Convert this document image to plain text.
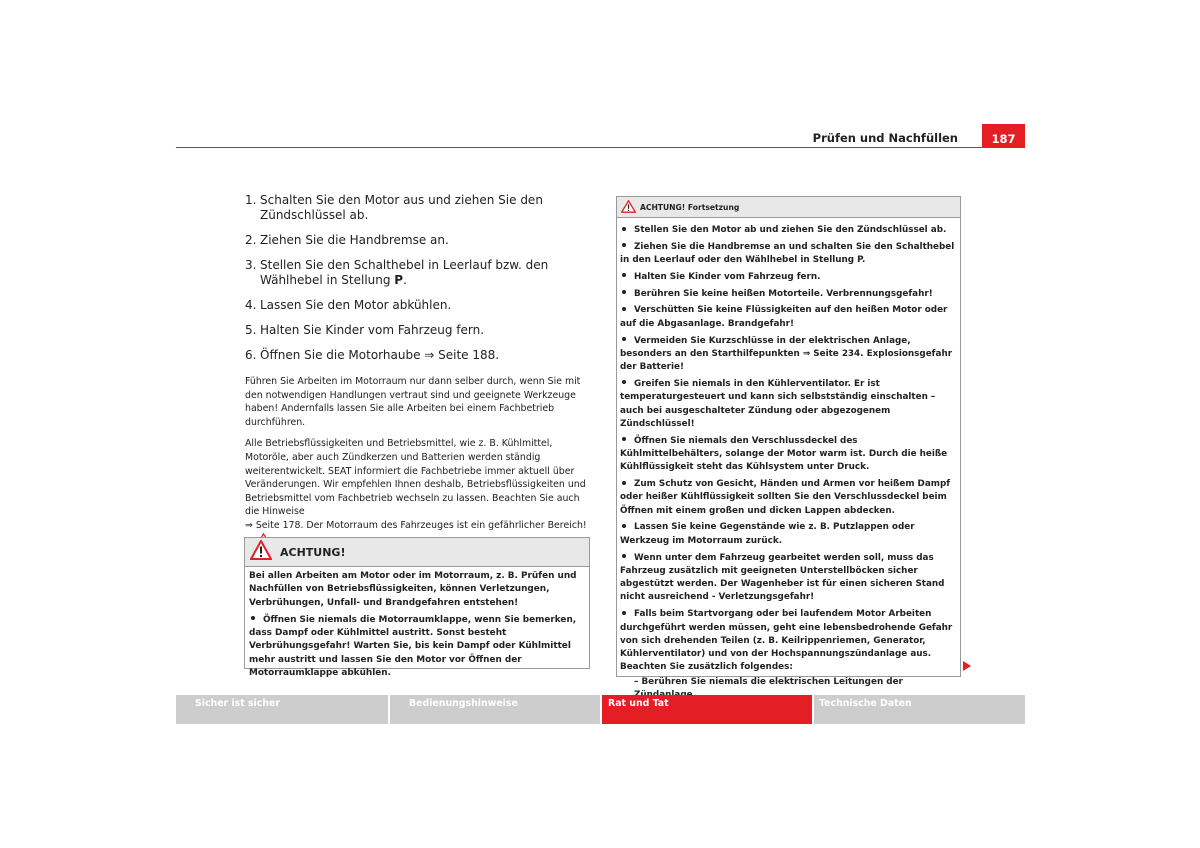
Prüfen und Nachfüllen	187
1. Schalten Sie den Motor aus und ziehen Sie den Zündschlüssel ab.
2. Ziehen Sie die Handbremse an.
3. Stellen Sie den Schalthebel in Leerlauf bzw. den Wählhebel in Stellung P.
4. Lassen Sie den Motor abkühlen.
5. Halten Sie Kinder vom Fahrzeug fern.
6. Öffnen Sie die Motorhaube ⇒ Seite 188.

Führen Sie Arbeiten im Motorraum nur dann selber durch, wenn Sie mit den notwendigen Handlungen vertraut sind und geeignete Werkzeuge haben! Andernfalls lassen Sie alle Arbeiten bei einem Fachbetrieb durchführen.

Alle Betriebsflüssigkeiten und Betriebsmittel, wie z. B. Kühlmittel, Motoröle, aber auch Zündkerzen und Batterien werden ständig weiterentwickelt. SEAT informiert die Fachbetriebe immer aktuell über Veränderungen. Wir empfehlen Ihnen deshalb, Betriebsflüssigkeiten und Betriebsmittel vom Fachbetrieb wechseln zu lassen. Beachten Sie auch die Hinweise
⇒ Seite 178. Der Motorraum des Fahrzeuges ist ein gefährlicher Bereich!

ACHTUNG!

Bei allen Arbeiten am Motor oder im Motorraum, z. B. Prüfen und Nachfüllen von Betriebsflüssigkeiten, können Verletzungen, Verbrühungen, Unfall- und Brandgefahren entstehen!

Öffnen Sie niemals die Motorraumklappe, wenn Sie bemerken, dass Dampf oder Kühlmittel austritt. Sonst besteht Verbrühungsgefahr! Warten Sie, bis kein Dampf oder Kühlmittel mehr austritt und lassen Sie den Motor vor Öffnen der Motorraumklappe abkühlen.

ACHTUNG! Fortsetzung
Stellen Sie den Motor ab und ziehen Sie den Zündschlüssel ab.
Ziehen Sie die Handbremse an und schalten Sie den Schalthebel in den Leerlauf oder den Wählhebel in Stellung P.
Halten Sie Kinder vom Fahrzeug fern.
Berühren Sie keine heißen Motorteile. Verbrennungsgefahr!
Verschütten Sie keine Flüssigkeiten auf den heißen Motor oder auf die Abgasanlage. Brandgefahr!
Vermeiden Sie Kurzschlüsse in der elektrischen Anlage, besonders an den Starthilfepunkten ⇒ Seite 234. Explosionsgefahr der Batterie!
Greifen Sie niemals in den Kühlerventilator. Er ist temperaturgesteuert und kann sich selbstständig einschalten – auch bei ausgeschalteter Zündung oder abgezogenem Zündschlüssel!
Öffnen Sie niemals den Verschlussdeckel des Kühlmittelbehälters, solange der Motor warm ist. Durch die heiße Kühlflüssigkeit steht das Kühlsystem unter Druck.
Zum Schutz von Gesicht, Händen und Armen vor heißem Dampf oder heißer Kühlflüssigkeit sollten Sie den Verschlussdeckel beim Öffnen mit einem großen und dicken Lappen abdecken.
Lassen Sie keine Gegenstände wie z. B. Putzlappen oder Werkzeug im Motorraum zurück.
Wenn unter dem Fahrzeug gearbeitet werden soll, muss das Fahrzeug zusätzlich mit geeigneten Unterstellböcken sicher abgestützt werden. Der Wagenheber ist für einen sicheren Stand nicht ausreichend - Verletzungsgefahr!
Falls beim Startvorgang oder bei laufendem Motor Arbeiten durchgeführt werden müssen, geht eine lebensbedrohende Gefahr von sich drehenden Teilen (z. B. Keilrippenriemen, Generator, Kühlerventilator) und von der Hochspannungszündanlage aus. Beachten Sie zusätzlich folgendes:
– Berühren Sie niemals die elektrischen Leitungen der
Sicher ist sicher	Bedienungshinweise	Rat und Tat	Technische Daten
